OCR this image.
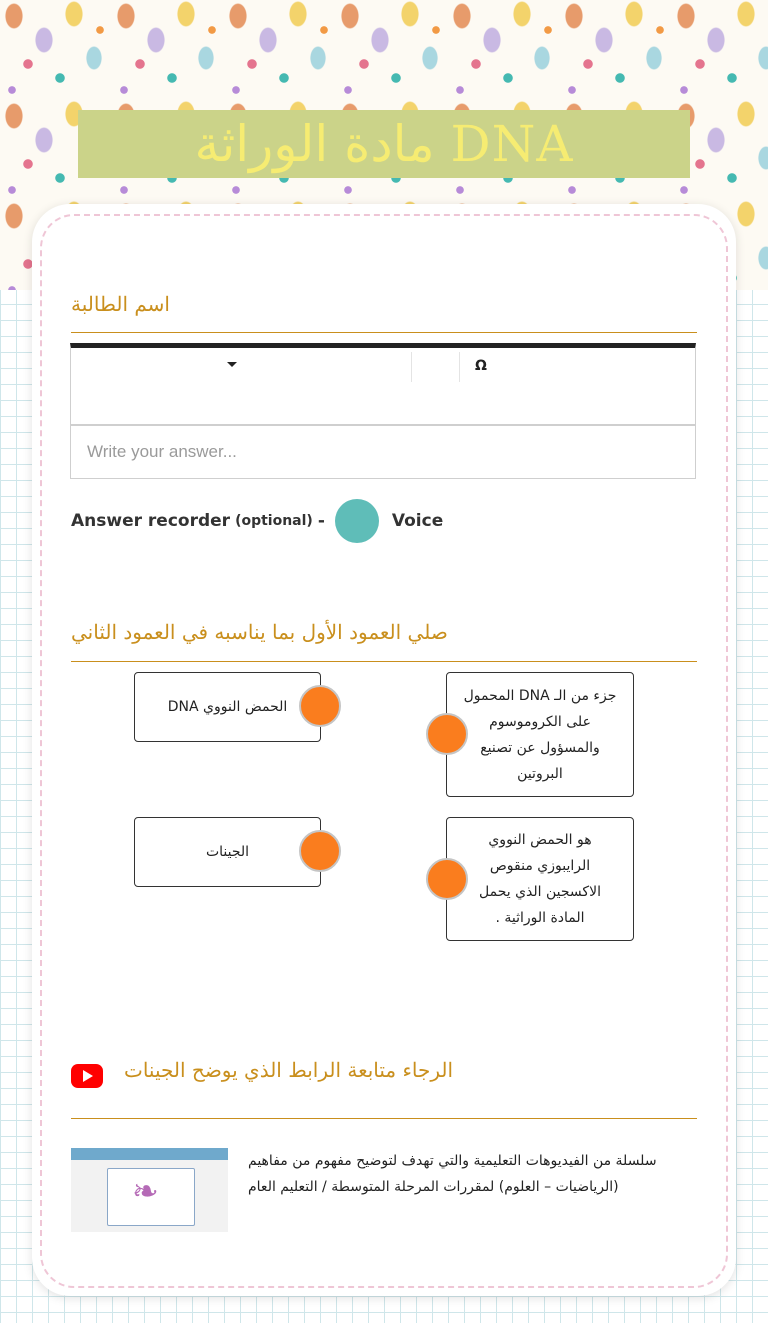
مادة الوراثة DNA
اسم الطالبة
Ω
Write your answer...
Answer recorder (optional) -	Voice
صلي العمود الأول بما يناسبه في العمود الثاني
الحمض النووي DNA
جزء من الـ DNA المحمول على الكروموسوم والمسؤول عن تصنيع البروتين
الجينات
هو الحمض النووي الرايبوزي منقوص الاكسجين الذي يحمل المادة الوراثية .
الرجاء متابعة الرابط الذي يوضح الجينات
❧
سلسلة من الفيديوهات التعليمية والتي تهدف لتوضيح مفهوم من مفاهيم (الرياضيات – العلوم) لمقررات المرحلة المتوسطة / التعليم العام
